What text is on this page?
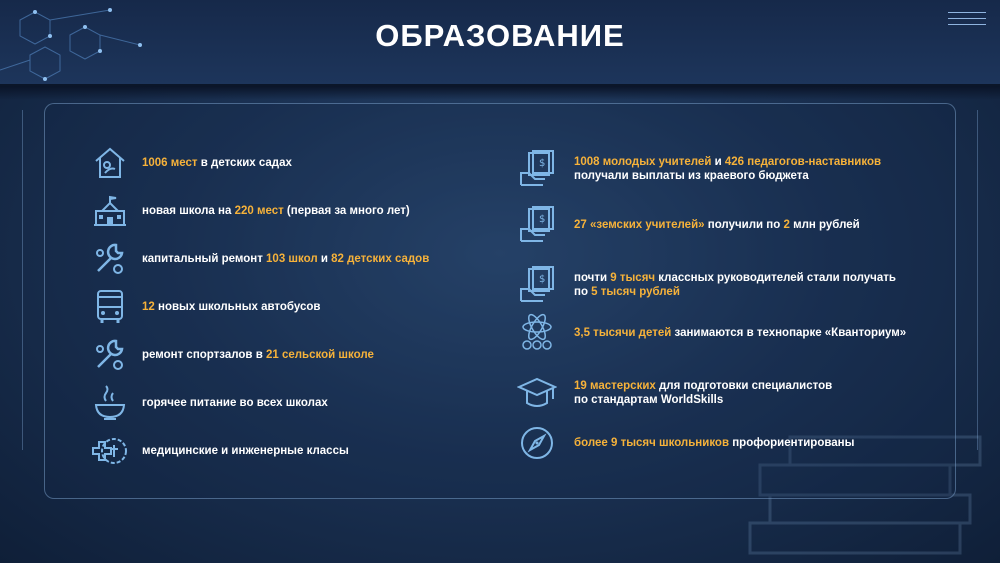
ОБРАЗОВАНИЕ
1006 мест в детских садах
новая школа на 220 мест (первая за много лет)
капитальный ремонт 103 школ и 82 детских садов
12 новых школьных автобусов
ремонт спортзалов в 21 сельской школе
горячее питание во всех школах
медицинские и инженерные классы
$ 1008 молодых учителей и 426 педагогов-наставников
получали выплаты из краевого бюджета
$ 27 «земских учителей» получили по 2 млн рублей
$ почти 9 тысяч классных руководителей стали получать
по 5 тысяч рублей
3,5 тысячи детей занимаются в технопарке «Кванториум»
19 мастерских для подготовки специалистов
по стандартам WorldSkills
более 9 тысяч школьников профориентированы
